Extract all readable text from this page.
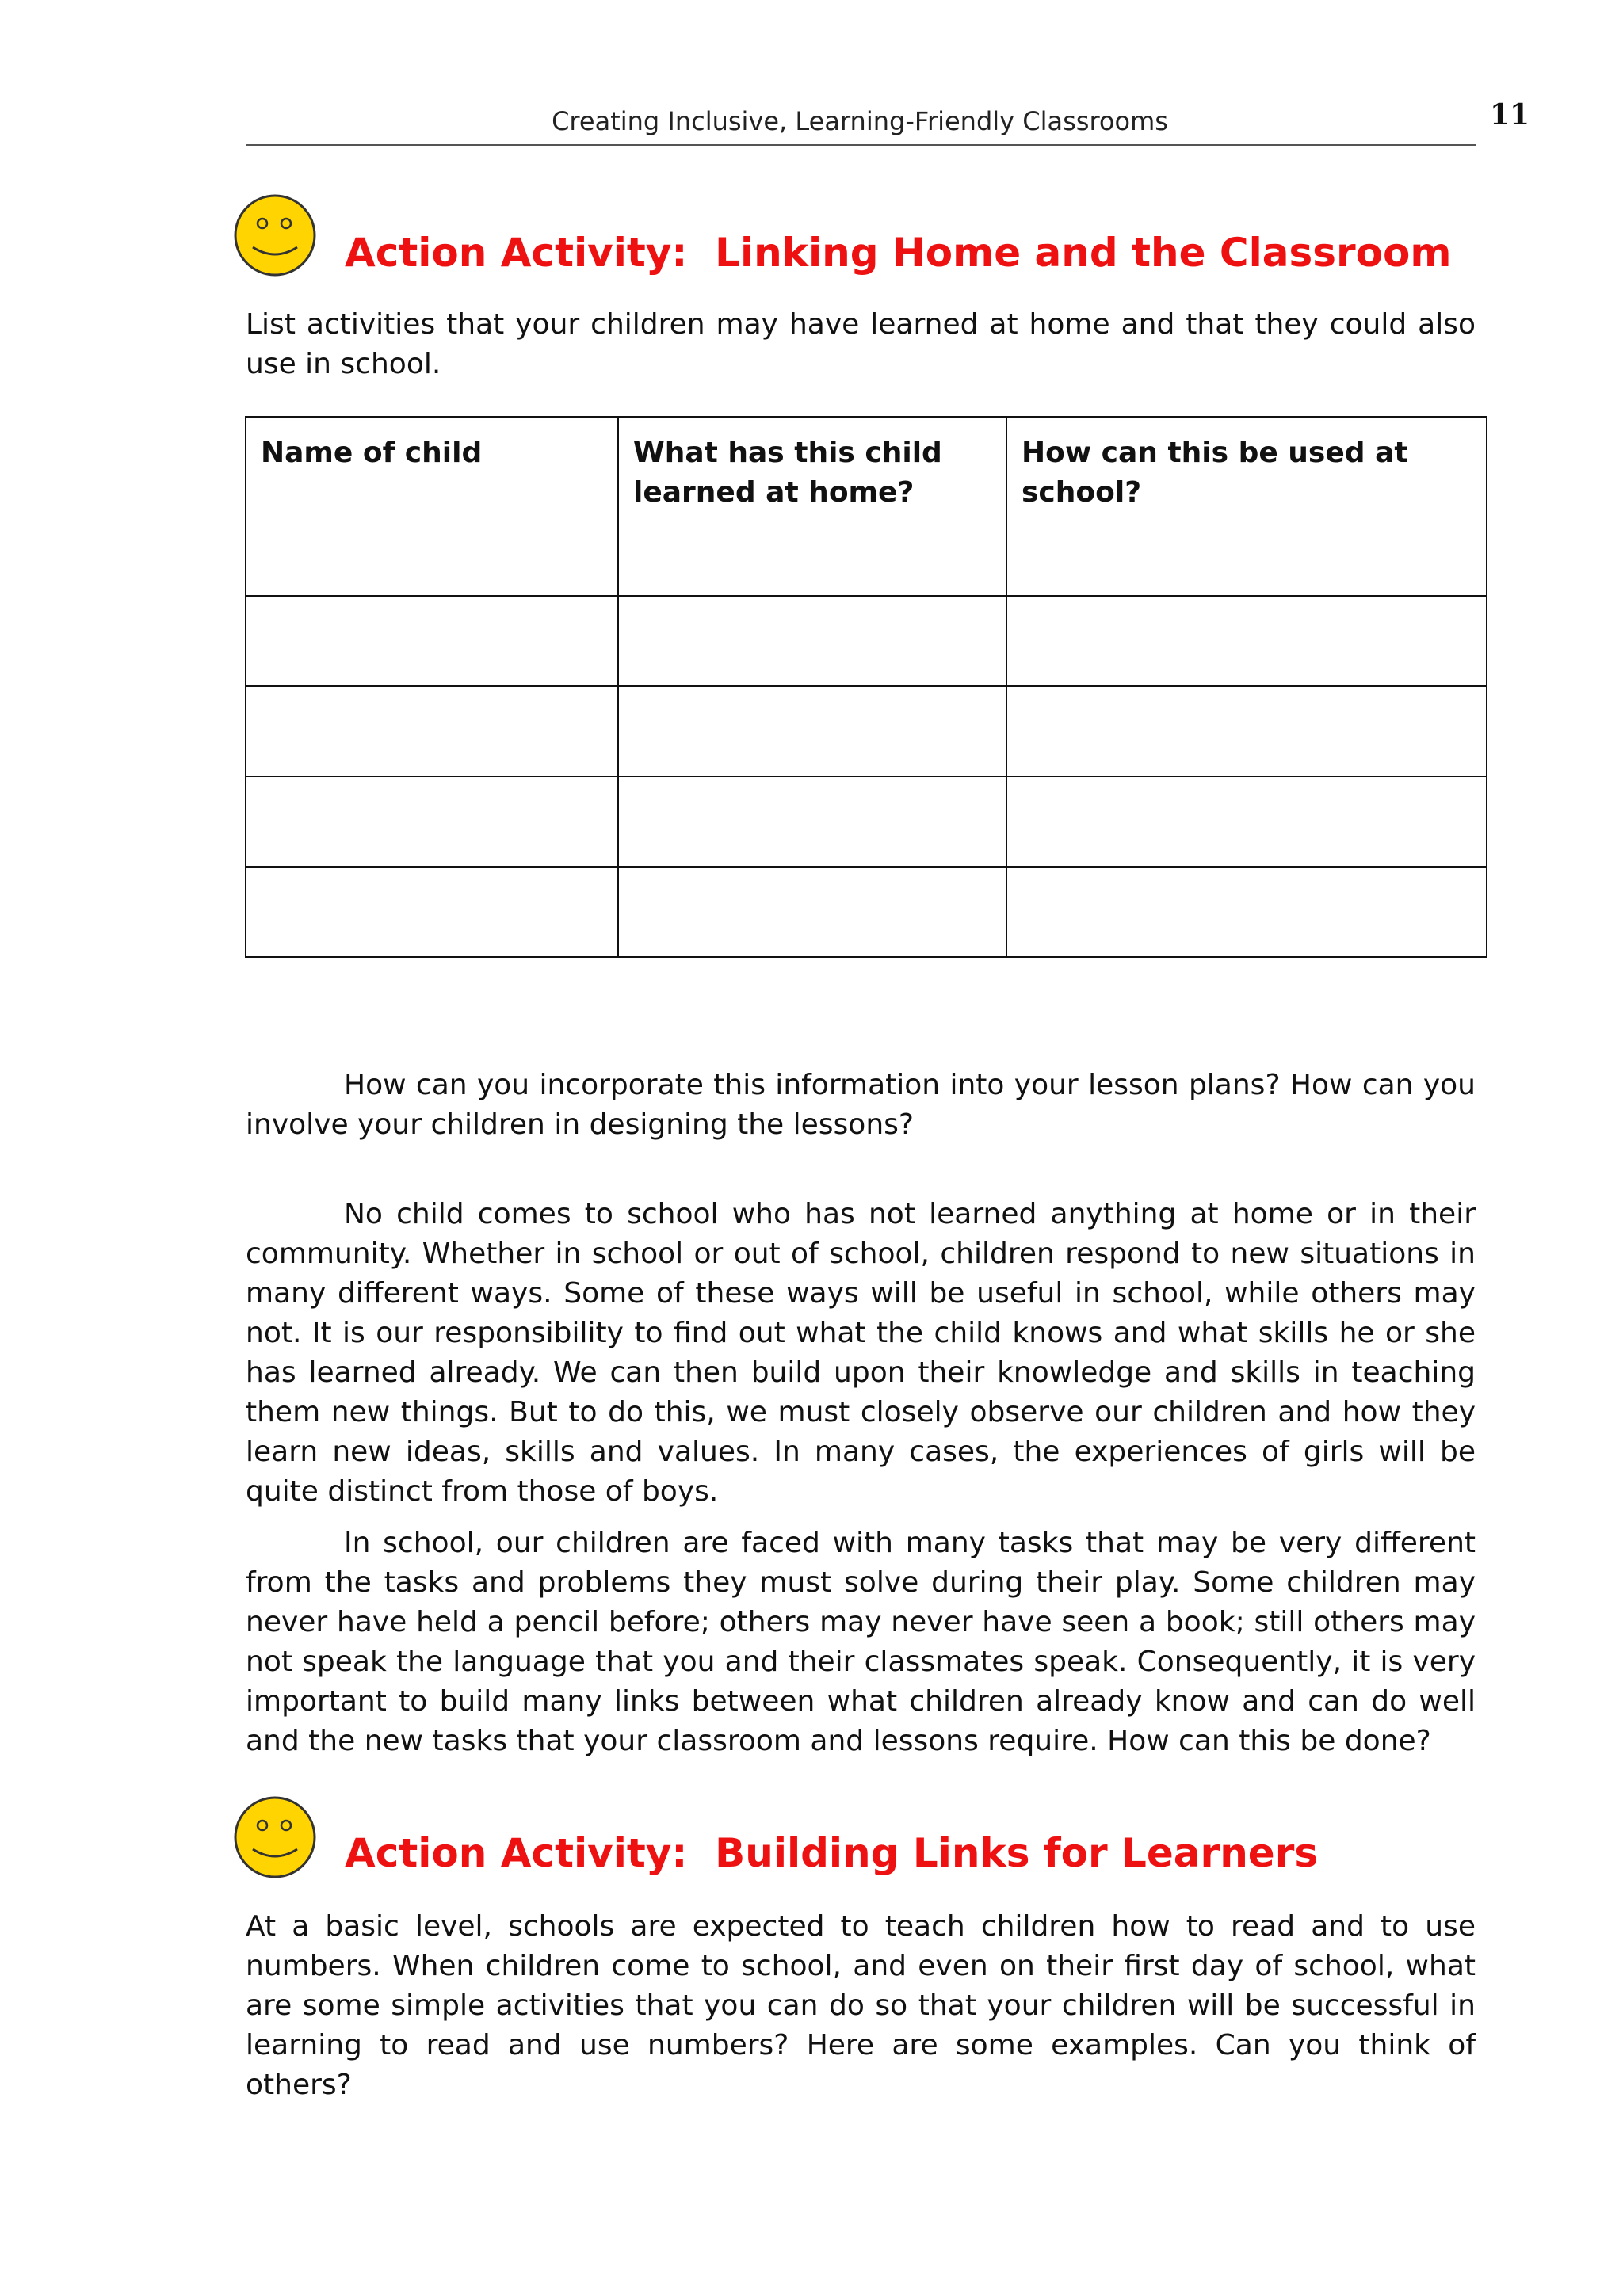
Creating Inclusive, Learning-Friendly Classrooms	11
Action Activity:  Linking Home and the Classroom
List activities that your children may have learned at home and that they could also use in school.
Name of child	What has this child learned at home?	How can this be used at school?

How can you incorporate this information into your lesson plans? How can you involve your children in designing the lessons?
No child comes to school who has not learned anything at home or in their community. Whether in school or out of school, children respond to new situations in many different ways. Some of these ways will be useful in school, while others may not. It is our responsibility to find out what the child knows and what skills he or she has learned already. We can then build upon their knowledge and skills in teaching them new things. But to do this, we must closely observe our children and how they learn new ideas, skills and values. In many cases, the experiences of girls will be quite distinct from those of boys.
In school, our children are faced with many tasks that may be very different from the tasks and problems they must solve during their play. Some children may never have held a pencil before; others may never have seen a book; still others may not speak the language that you and their classmates speak. Consequently, it is very important to build many links between what children already know and can do well and the new tasks that your classroom and lessons require. How can this be done?
Action Activity:  Building Links for Learners
At a basic level, schools are expected to teach children how to read and to use numbers. When children come to school, and even on their first day of school, what are some simple activities that you can do so that your children will be successful in learning to read and use numbers? Here are some examples. Can you think of others?
